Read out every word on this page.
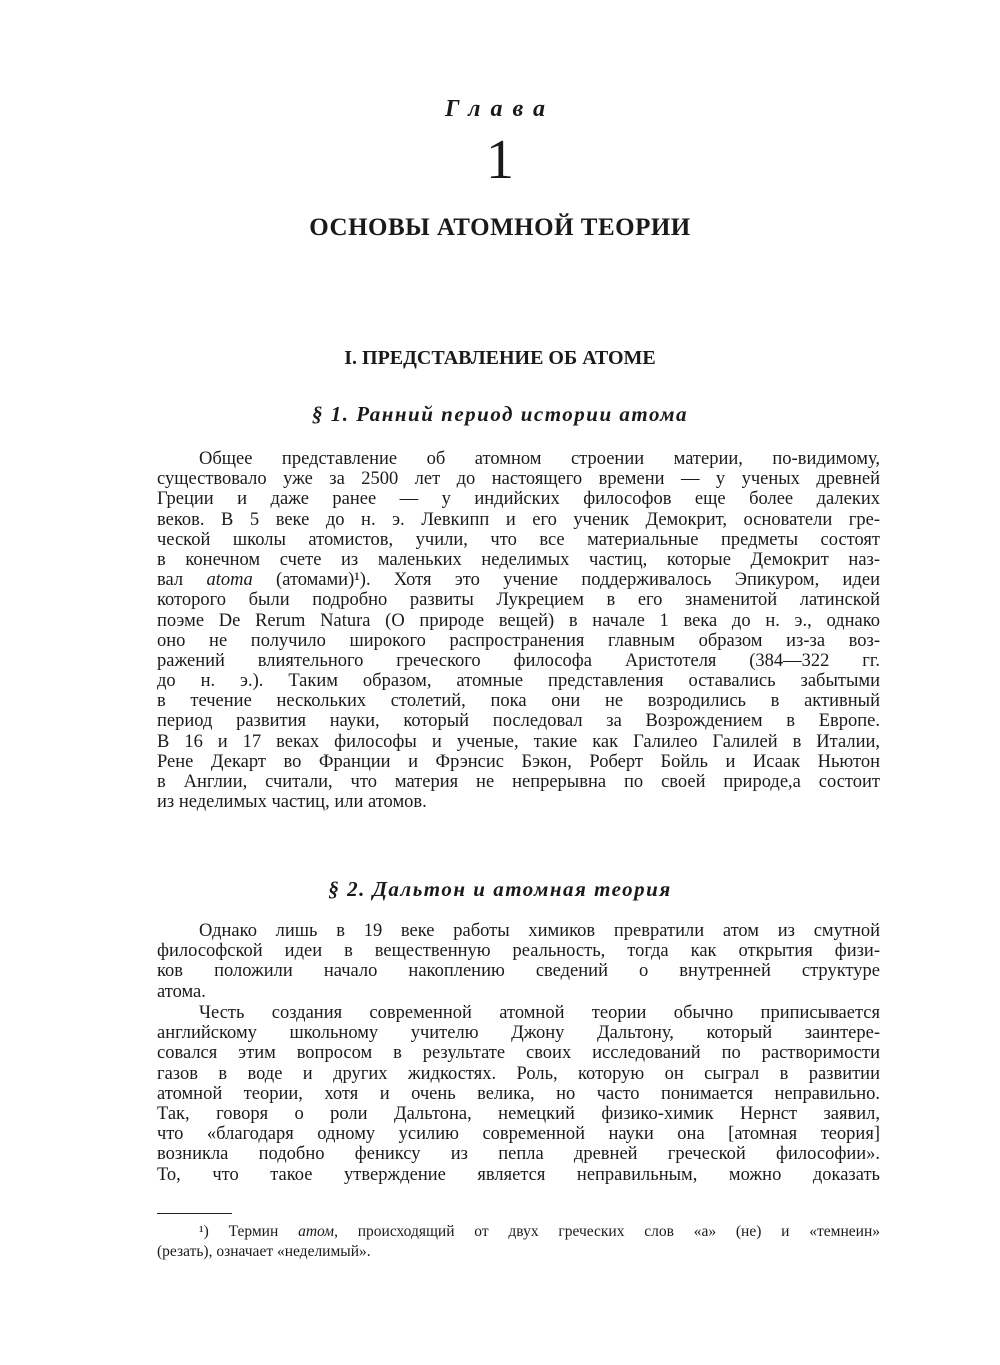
Глава
1
ОСНОВЫ АТОМНОЙ ТЕОРИИ
I. ПРЕДСТАВЛЕНИЕ ОБ АТОМЕ
§ 1. Ранний период истории атома
Общее представление об атомном строении материи, по-видимому,
существовало уже за 2500 лет до настоящего времени — у ученых древней
Греции и даже ранее — у индийских философов еще более далеких
веков. В 5 веке до н. э. Левкипп и его ученик Демокрит, основатели гре-
ческой школы атомистов, учили, что все материальные предметы состоят
в конечном счете из маленьких неделимых частиц, которые Демокрит наз-
вал atoma (атомами)¹). Хотя это учение поддерживалось Эпикуром, идеи
которого были подробно развиты Лукрецием в его знаменитой латинской
поэме De Rerum Natura (О природе вещей) в начале 1 века до н. э., однако
оно не получило широкого распространения главным образом из-за воз-
ражений влиятельного греческого философа Аристотеля (384—322 гг.
до н. э.). Таким образом, атомные представления оставались забытыми
в течение нескольких столетий, пока они не возродились в активный
период развития науки, который последовал за Возрождением в Европе.
В 16 и 17 веках философы и ученые, такие как Галилео Галилей в Италии,
Рене Декарт во Франции и Фрэнсис Бэкон, Роберт Бойль и Исаак Ньютон
в Англии, считали, что материя не непрерывна по своей природе,а состоит
из неделимых частиц, или атомов.
§ 2. Дальтон и атомная теория
Однако лишь в 19 веке работы химиков превратили атом из смутной
философской идеи в вещественную реальность, тогда как открытия физи-
ков положили начало накоплению сведений о внутренней структуре
атома.
Честь создания современной атомной теории обычно приписывается
английскому школьному учителю Джону Дальтону, который заинтере-
совался этим вопросом в результате своих исследований по растворимости
газов в воде и других жидкостях. Роль, которую он сыграл в развитии
атомной теории, хотя и очень велика, но часто понимается неправильно.
Так, говоря о роли Дальтона, немецкий физико-химик Нернст заявил,
что «благодаря одному усилию современной науки она [атомная теория]
возникла подобно фениксу из пепла древней греческой философии».
То, что такое утверждение является неправильным, можно доказать
¹) Термин атом, происходящий от двух греческих слов «а» (не) и «темнеин»
(резать), означает «неделимый».
